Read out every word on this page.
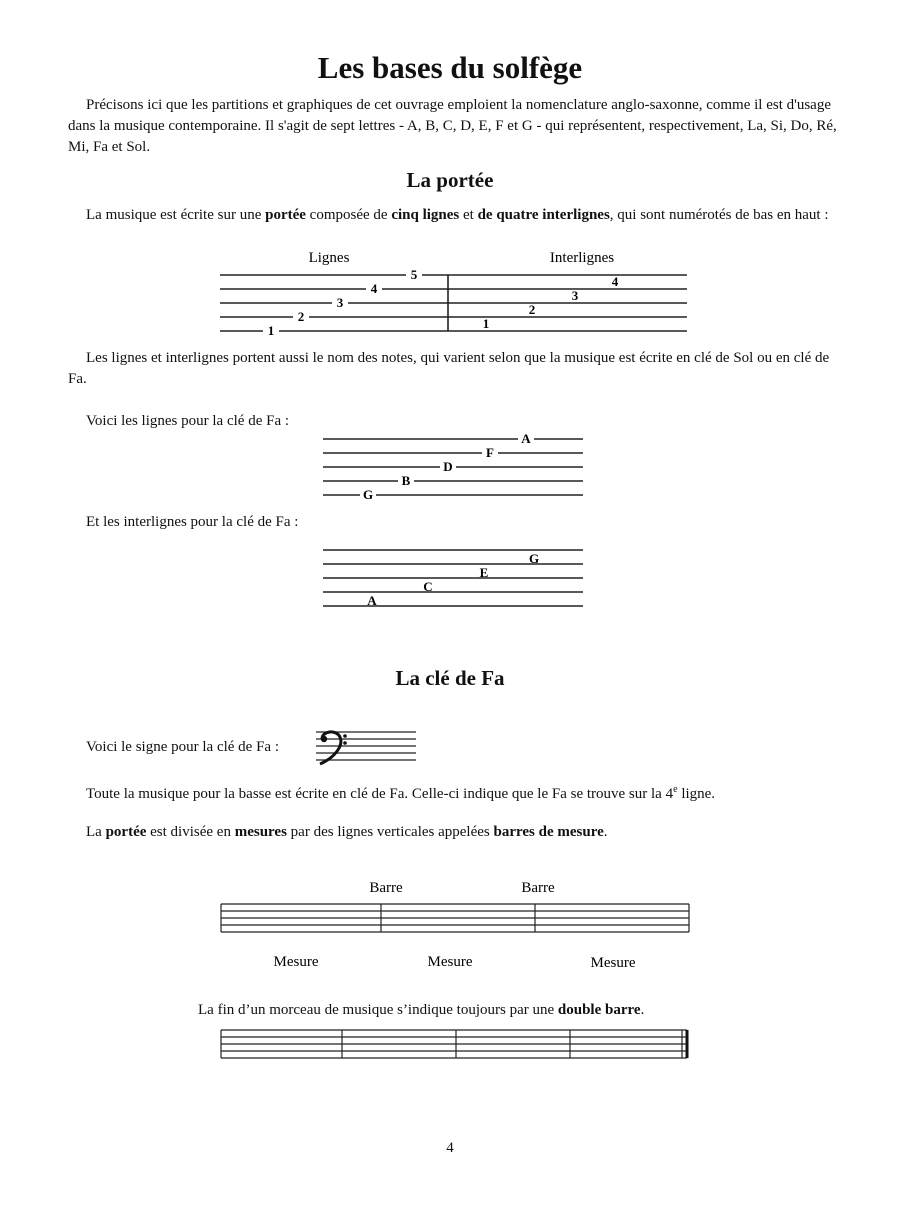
Les bases du solfège
Précisons ici que les partitions et graphiques de cet ouvrage emploient la nomenclature anglo-saxonne, comme il est d'usage dans la musique contemporaine. Il s'agit de sept lettres - A, B, C, D, E, F et G - qui représentent, respectivement, La, Si, Do, Ré, Mi, Fa et Sol.
La portée
La musique est écrite sur une portée composée de cinq lignes et de quatre interlignes, qui sont numérotés de bas en haut :
Lignes	Interlignes
1
2
3
4
5
1
2
3
4
Les lignes et interlignes portent aussi le nom des notes, qui varient selon que la musique est écrite en clé de Sol ou en clé de Fa.
Voici les lignes pour la clé de Fa :
G
B
D
F
A
Et les interlignes pour la clé de Fa :
A
C
E
G
La clé de Fa
Voici le signe pour la clé de Fa :
Toute la musique pour la basse est écrite en clé de Fa. Celle-ci indique que le Fa se trouve sur la 4e ligne.
La portée est divisée en mesures par des lignes verticales appelées barres de mesure.
Barre	Barre
Mesure	Mesure	Mesure
La fin d’un morceau de musique s’indique toujours par une double barre.
4
